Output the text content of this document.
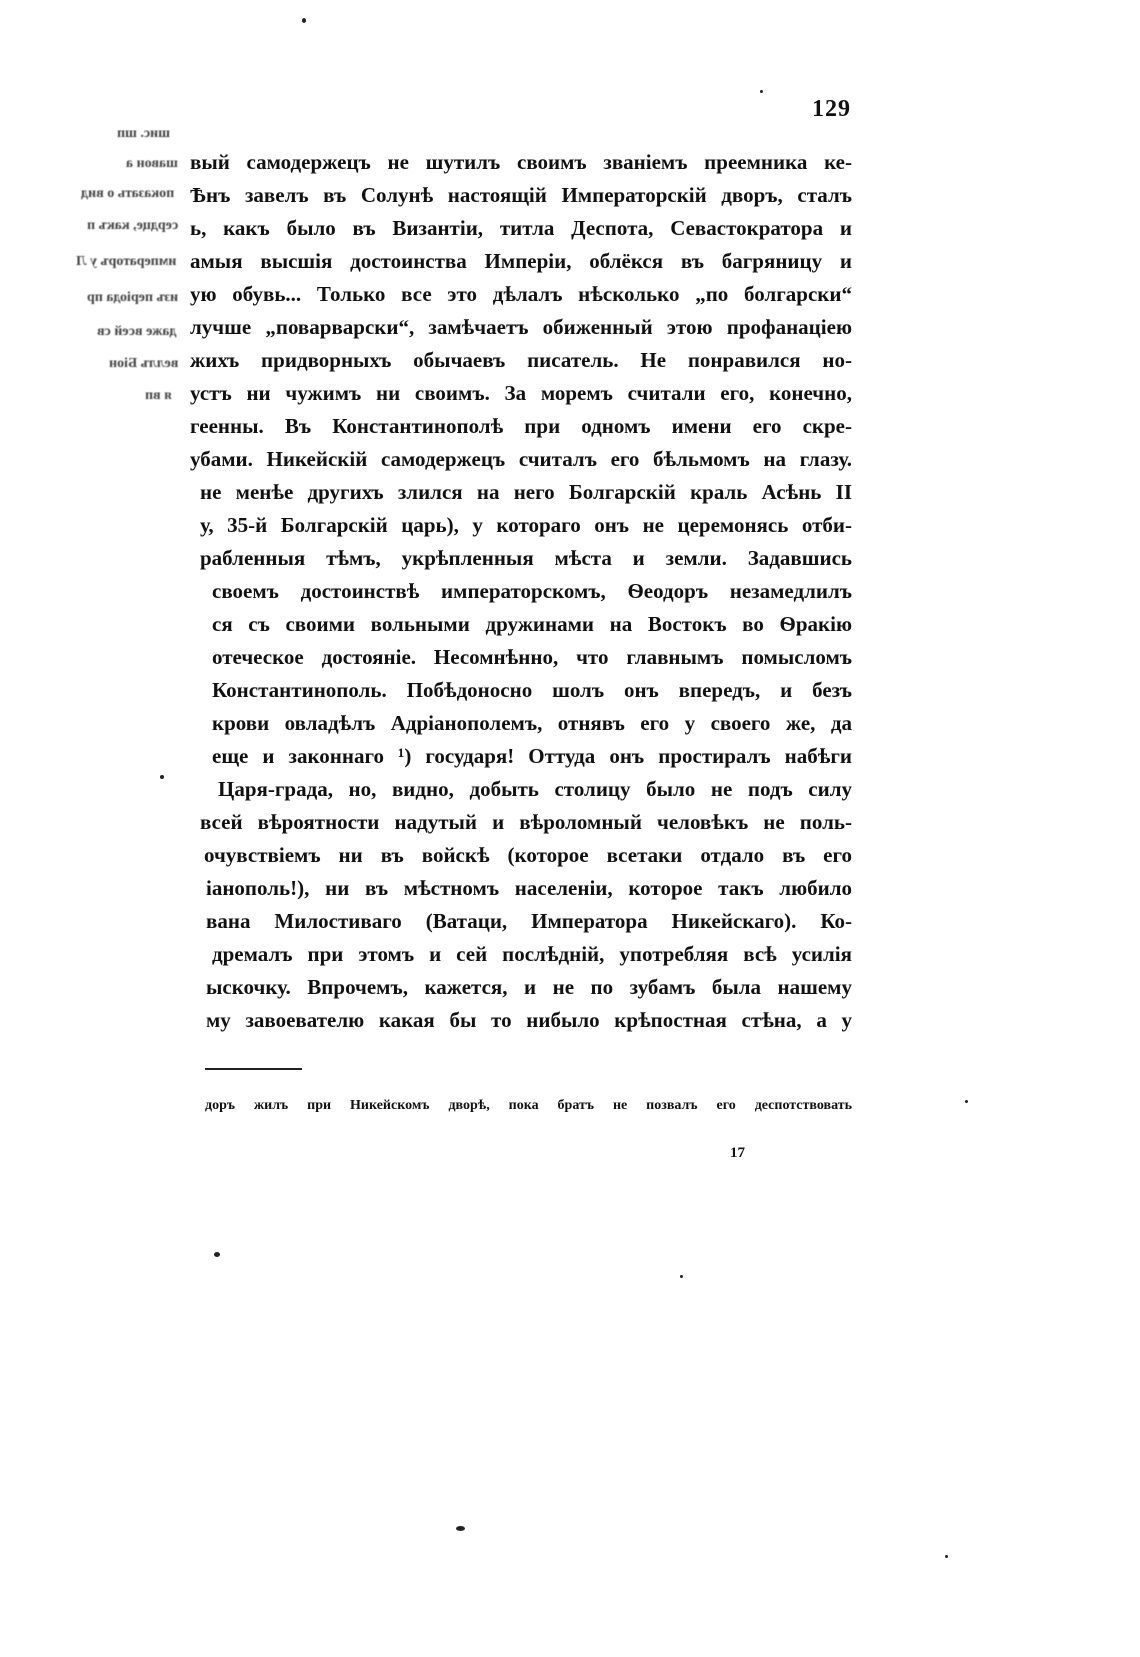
129
шис. шп
шавон а
показать о вид
сердце, какъ п
императоръ у Л
изъ періода пр
даже всей св
веллъ Біон
я вп
вый самодержецъ не шутилъ своимъ званіемъ преемника ке-
Ѣнъ завелъ въ Солунѣ настоящій Императорскій дворъ, сталъ
ь, какъ было въ Византіи, титла Деспота, Севастократора и
амыя высшія достоинства Имперіи, облёкся въ багряницу и
ую обувь... Только все это дѣлалъ нѣсколько „по болгарски“
лучше „поварварски“, замѣчаетъ обиженный этою профанаціею
жихъ придворныхъ обычаевъ писатель. Не понравился но-
устъ ни чужимъ ни своимъ. За моремъ считали его, конечно,
геенны. Въ Константинополѣ при одномъ имени его скре-
убами. Никейскій самодержецъ считалъ его бѣльмомъ на глазу.
не менѣе другихъ злился на него Болгарскій краль Асѣнь II
у, 35-й Болгарскій царь), у котораго онъ не церемонясь отби-
рабленныя тѣмъ, укрѣпленныя мѣста и земли. Задавшись
своемъ достоинствѣ императорскомъ, Ѳеодоръ незамедлилъ
ся съ своими вольными дружинами на Востокъ во Ѳракію
отеческое достояніе. Несомнѣнно, что главнымъ помысломъ
Константинополь. Побѣдоносно шолъ онъ впередъ, и безъ
крови овладѣлъ Адріанополемъ, отнявъ его у своего же, да
еще и законнаго ¹) государя! Оттуда онъ простиралъ набѣги
Царя-града, но, видно, добыть столицу было не подъ силу
всей вѣроятности надутый и вѣроломный человѣкъ не поль-
очувствіемъ ни въ войскѣ (которое всетаки отдало въ его
іанополь!), ни въ мѣстномъ населеніи, которое такъ любило
вана Милостиваго (Ватаци, Императора Никейскаго). Ко-
дремалъ при этомъ и сей послѣдній, употребляя всѣ усилія
ыскочку. Впрочемъ, кажется, и не по зубамъ была нашему
му завоевателю какая бы то нибыло крѣпостная стѣна, а у
доръ жилъ при Никейскомъ дворѣ, пока братъ не позвалъ его деспотствовать
17
